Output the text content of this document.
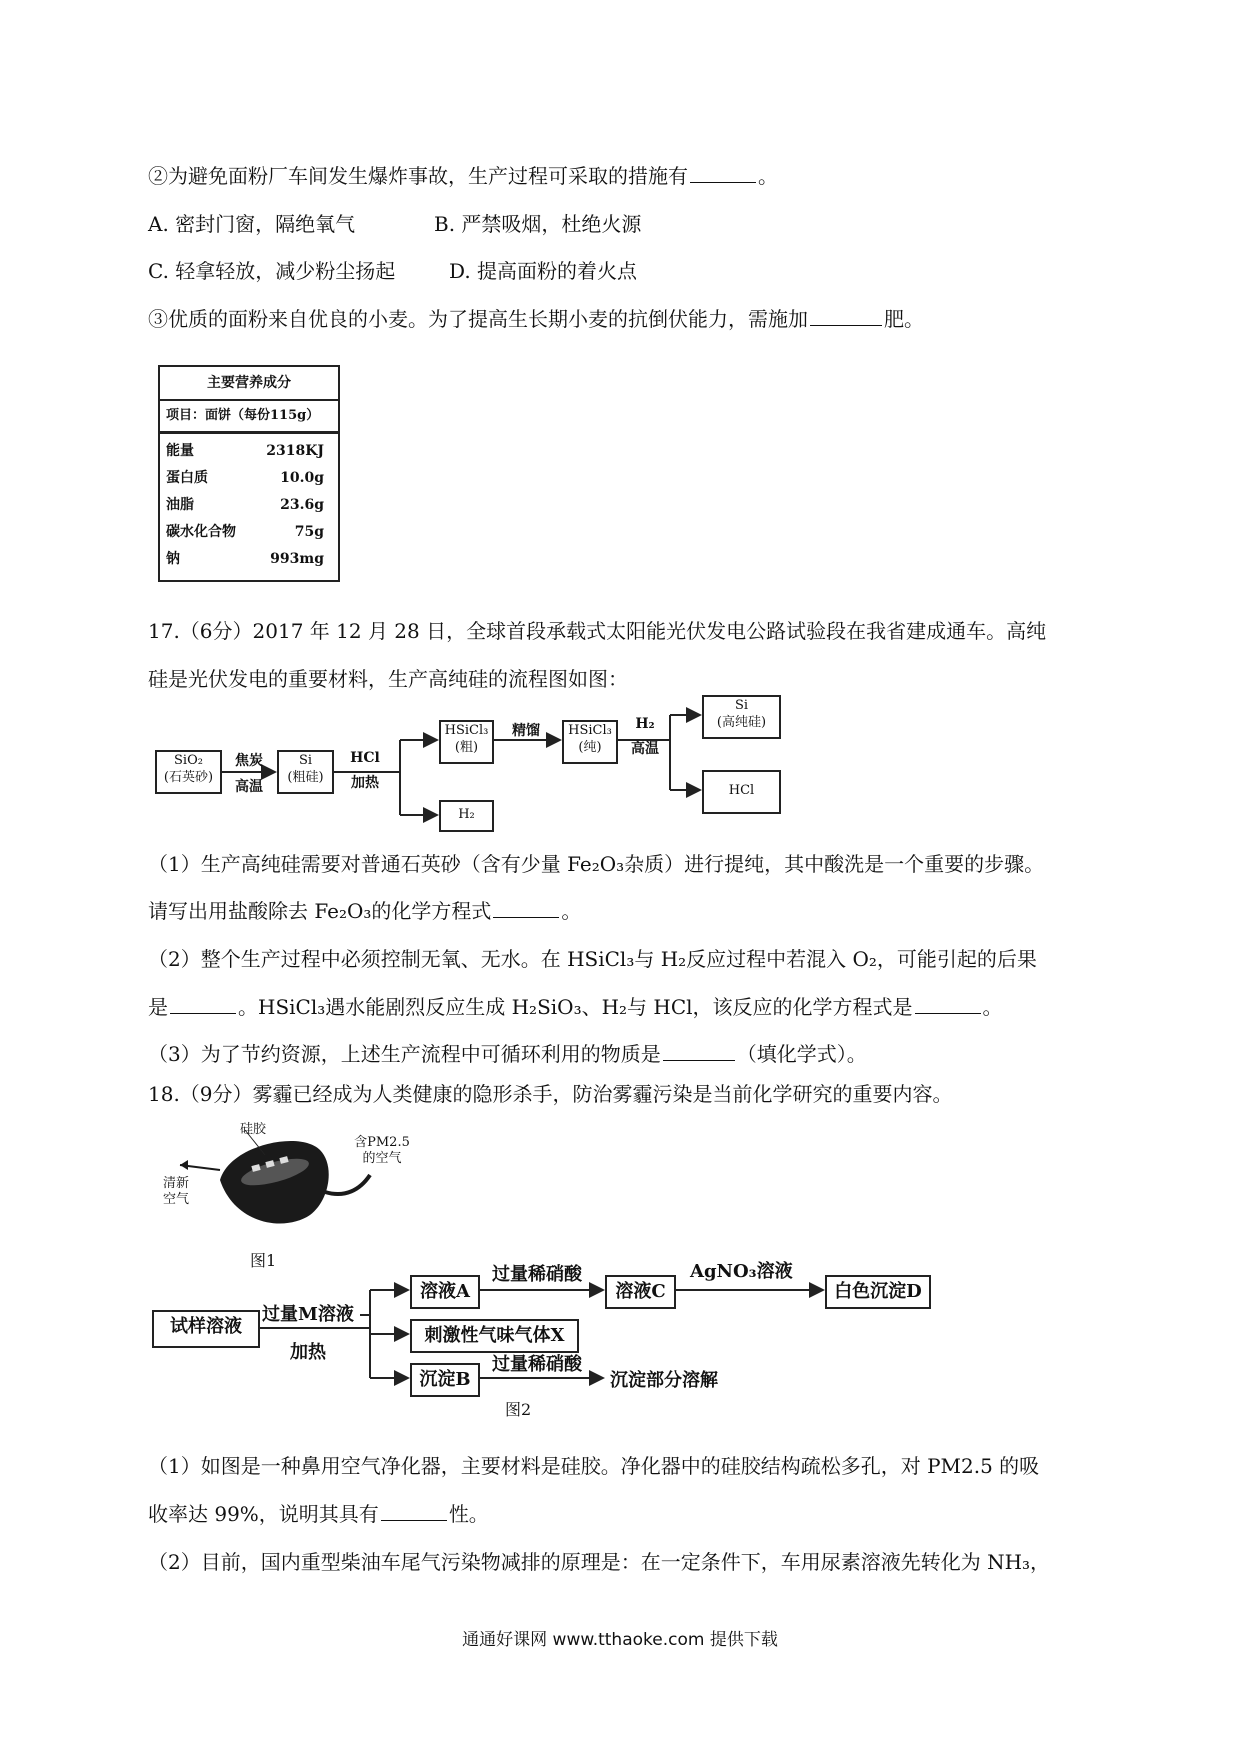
②为避免面粉厂车间发生爆炸事故，生产过程可采取的措施有	。
A. 密封门窗，隔绝氧气	B. 严禁吸烟，杜绝火源
C. 轻拿轻放，减少粉尘扬起	D. 提高面粉的着火点
③优质的面粉来自优良的小麦。为了提高生长期小麦的抗倒伏能力，需施加	肥。
主要营养成分
项目：面饼（每份115g）
能量	2318KJ
蛋白质	10.0g
油脂	23.6g
碳水化合物	75g
钠	993mg
17.（6分）2017 年 12 月 28 日，全球首段承载式太阳能光伏发电公路试验段在我省建成通车。高纯
硅是光伏发电的重要材料，生产高纯硅的流程图如图：
SiO₂
(石英砂)
焦炭
高温
Si
(粗硅)
HCl
加热
HSiCl₃
(粗)
H₂
精馏	HSiCl₃
(纯)
H₂
高温
Si
(高纯硅)
HCl
（1）生产高纯硅需要对普通石英砂（含有少量 Fe₂O₃杂质）进行提纯，其中酸洗是一个重要的步骤。
请写出用盐酸除去 Fe₂O₃的化学方程式	。
（2）整个生产过程中必须控制无氧、无水。在 HSiCl₃与 H₂反应过程中若混入 O₂，可能引起的后果
是	。HSiCl₃遇水能剧烈反应生成 H₂SiO₃、H₂与 HCl，该反应的化学方程式是	。
（3）为了节约资源，上述生产流程中可循环利用的物质是	（填化学式）。
18.（9分）雾霾已经成为人类健康的隐形杀手，防治雾霾污染是当前化学研究的重要内容。
硅胶
含PM2.5的空气
清新空气
图1
试样溶液
过量M溶液
加热
溶液A
过量稀硝酸
溶液C
AgNO₃溶液
白色沉淀D
刺激性气味气体X
沉淀B
过量稀硝酸
沉淀部分溶解
图2
（1）如图是一种鼻用空气净化器，主要材料是硅胶。净化器中的硅胶结构疏松多孔，对 PM2.5 的吸
收率达 99%，说明其具有	性。
（2）目前，国内重型柴油车尾气污染物减排的原理是：在一定条件下，车用尿素溶液先转化为 NH₃，
通通好课网 www.tthaoke.com 提供下载
